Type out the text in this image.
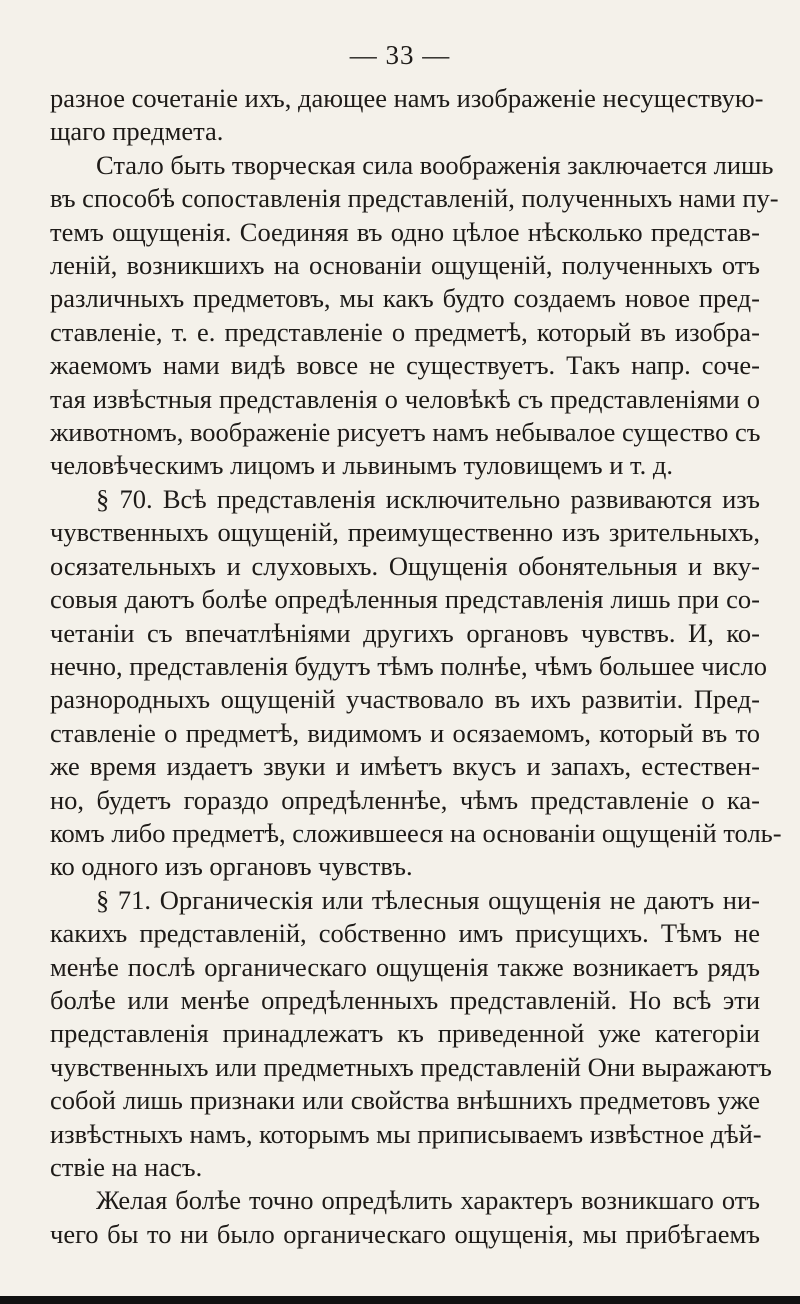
— 33 —
разное сочетаніе ихъ, дающее намъ изображеніе несуществую-
щаго предмета.
Стало быть творческая сила воображенія заключается лишь
въ способѣ сопоставленія представленій, полученныхъ нами пу-
темъ ощущенія. Соединяя въ одно цѣлое нѣсколько представ-
леній, возникшихъ на основаніи ощущеній, полученныхъ отъ
различныхъ предметовъ, мы какъ будто создаемъ новое пред-
ставленіе, т. е. представленіе о предметѣ, который въ изобра-
жаемомъ нами видѣ вовсе не существуетъ. Такъ напр. соче-
тая извѣстныя представленія о человѣкѣ съ представленіями о
животномъ, воображеніе рисуетъ намъ небывалое существо съ
человѣческимъ лицомъ и львинымъ туловищемъ и т. д.
§ 70. Всѣ представленія исключительно развиваются изъ
чувственныхъ ощущеній, преимущественно изъ зрительныхъ,
осязательныхъ и слуховыхъ. Ощущенія обонятельныя и вку-
совыя даютъ болѣе опредѣленныя представленія лишь при со-
четаніи съ впечатлѣніями другихъ органовъ чувствъ. И, ко-
нечно, представленія будутъ тѣмъ полнѣе, чѣмъ большее число
разнородныхъ ощущеній участвовало въ ихъ развитіи. Пред-
ставленіе о предметѣ, видимомъ и осязаемомъ, который въ то
же время издаетъ звуки и имѣетъ вкусъ и запахъ, естествен-
но, будетъ гораздо опредѣленнѣе, чѣмъ представленіе о ка-
комъ либо предметѣ, сложившееся на основаніи ощущеній толь-
ко одного изъ органовъ чувствъ.
§ 71. Органическія или тѣлесныя ощущенія не даютъ ни-
какихъ представленій, собственно имъ присущихъ. Тѣмъ не
менѣе послѣ органическаго ощущенія также возникаетъ рядъ
болѣе или менѣе опредѣленныхъ представленій. Но всѣ эти
представленія принадлежатъ къ приведенной уже категоріи
чувственныхъ или предметныхъ представленій Они выражаютъ
собой лишь признаки или свойства внѣшнихъ предметовъ уже
извѣстныхъ намъ, которымъ мы приписываемъ извѣстное дѣй-
ствіе на насъ.
Желая болѣе точно опредѣлить характеръ возникшаго отъ
чего бы то ни было органическаго ощущенія, мы прибѣгаемъ
